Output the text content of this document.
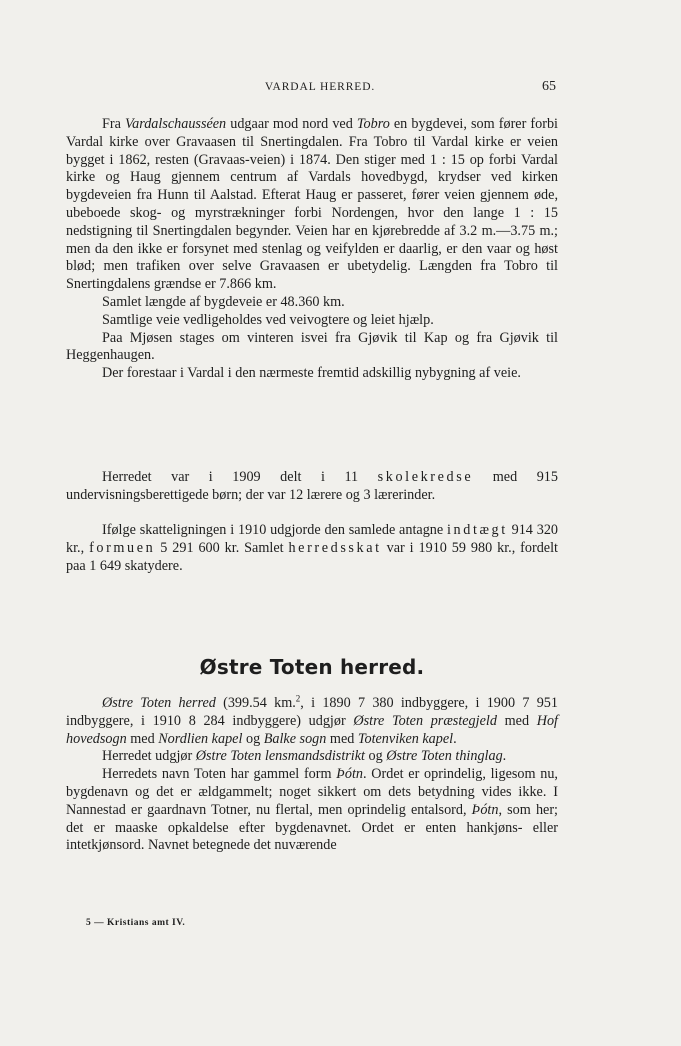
VARDAL HERRED.	65

Fra Vardalschausséen udgaar mod nord ved Tobro en bygdevei, som fører forbi Vardal kirke over Gravaasen til Snertingdalen. Fra Tobro til Vardal kirke er veien bygget i 1862, resten (Gravaas-veien) i 1874. Den stiger med 1 : 15 op forbi Vardal kirke og Haug gjennem centrum af Vardals hovedbygd, krydser ved kirken bygdeveien fra Hunn til Aalstad. Efterat Haug er passeret, fører veien gjennem øde, ubeboede skog- og myrstrækninger forbi Nordengen, hvor den lange 1 : 15 nedstigning til Snertingdalen begynder. Veien har en kjørebredde af 3.2 m.—3.75 m.; men da den ikke er forsynet med stenlag og veifylden er daarlig, er den vaar og høst blød; men trafiken over selve Gravaasen er ubetydelig. Længden fra Tobro til Snertingdalens grændse er 7.866 km.

Samlet længde af bygdeveie er 48.360 km.

Samtlige veie vedligeholdes ved veivogtere og leiet hjælp.

Paa Mjøsen stages om vinteren isvei fra Gjøvik til Kap og fra Gjøvik til Heggenhaugen.

Der forestaar i Vardal i den nærmeste fremtid adskillig nybygning af veie.

Herredet var i 1909 delt i 11 skolekredse med 915 undervisningsberettigede børn; der var 12 lærere og 3 lærerinder.

Ifølge skatteligningen i 1910 udgjorde den samlede antagne indtægt 914 320 kr., formuen 5 291 600 kr. Samlet herredsskat var i 1910 59 980 kr., fordelt paa 1 649 skatydere.

Østre Toten herred.

Østre Toten herred (399.54 km.$^2$, i 1890 7 380 indbyggere, i 1900 7 951 indbyggere, i 1910 8 284 indbyggere) udgjør Østre Toten præstegjeld med Hof hovedsogn med Nordlien kapel og Balke sogn med Totenviken kapel.

Herredet udgjør Østre Toten lensmandsdistrikt og Østre Toten thinglag.

Herredets navn Toten har gammel form Þótn. Ordet er oprindelig, ligesom nu, bygdenavn og det er ældgammelt; noget sikkert om dets betydning vides ikke. I Nannestad er gaardnavn Totner, nu flertal, men oprindelig entalsord, Þótn, som her; det er maaske opkaldelse efter bygdenavnet. Ordet er enten hankjøns- eller intetkjønsord. Navnet betegnede det nuværende

5 — Kristians amt IV.
